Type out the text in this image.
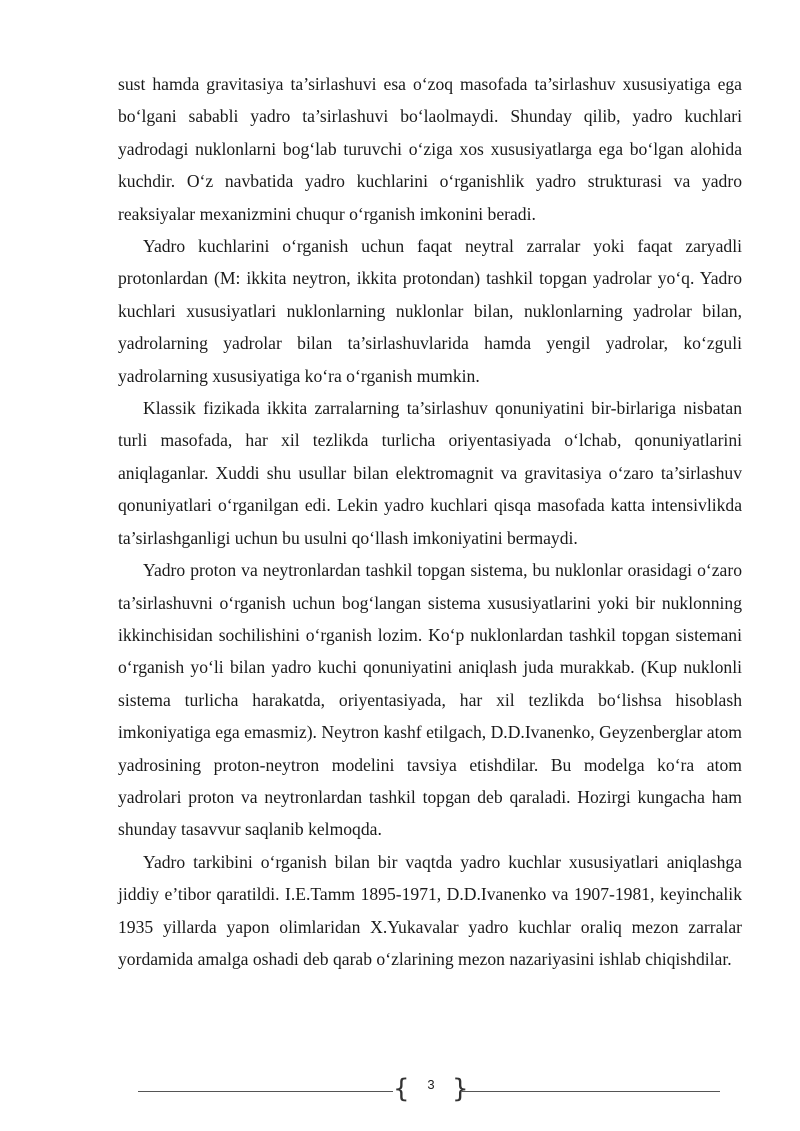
sust hamda gravitasiya ta’sirlashuvi esa o‘zoq masofada ta’sirlashuv xususiyatiga ega bo‘lgani sababli yadro ta’sirlashuvi bo‘laolmaydi. Shunday qilib, yadro kuchlari yadrodagi nuklonlarni bog‘lab turuvchi o‘ziga xos xususiyatlarga ega bo‘lgan alohida kuchdir. O‘z navbatida yadro kuchlarini o‘rganishlik yadro strukturasi va yadro reaksiyalar mexanizmini chuqur o‘rganish imkonini beradi.

Yadro kuchlarini o‘rganish uchun faqat neytral zarralar yoki faqat zaryadli protonlardan (M: ikkita neytron, ikkita protondan) tashkil topgan yadrolar yo‘q. Yadro kuchlari xususiyatlari nuklonlarning nuklonlar bilan, nuklonlarning yadrolar bilan, yadrolarning yadrolar bilan ta’sirlashuvlarida hamda yengil yadrolar, ko‘zguli yadrolarning xususiyatiga ko‘ra o‘rganish mumkin.

Klassik fizikada ikkita zarralarning ta’sirlashuv qonuniyatini bir-birlariga nisbatan turli masofada, har xil tezlikda turlicha oriyentasiyada o‘lchab, qonuniyatlarini aniqlaganlar. Xuddi shu usullar bilan elektromagnit va gravitasiya o‘zaro ta’sirlashuv qonuniyatlari o‘rganilgan edi. Lekin yadro kuchlari qisqa masofada katta intensivlikda ta’sirlashganligi uchun bu usulni qo‘llash imkoniyatini bermaydi.

Yadro proton va neytronlardan tashkil topgan sistema, bu nuklonlar orasidagi o‘zaro ta’sirlashuvni o‘rganish uchun bog‘langan sistema xususiyatlarini yoki bir nuklonning ikkinchisidan sochilishini o‘rganish lozim. Ko‘p nuklonlardan tashkil topgan sistemani o‘rganish yo‘li bilan yadro kuchi qonuniyatini aniqlash juda murakkab. (Kup nuklonli sistema turlicha harakatda, oriyentasiyada, har xil tezlikda bo‘lishsa hisoblash imkoniyatiga ega emasmiz). Neytron kashf etilgach, D.D.Ivanenko, Geyzenberglar atom yadrosining proton-neytron modelini tavsiya etishdilar. Bu modelga ko‘ra atom yadrolari proton va neytronlardan tashkil topgan deb qaraladi. Hozirgi kungacha ham shunday tasavvur saqlanib kelmoqda.

Yadro tarkibini o‘rganish bilan bir vaqtda yadro kuchlar xususiyatlari aniqlashga jiddiy e’tibor qaratildi. I.E.Tamm 1895-1971, D.D.Ivanenko va 1907-1981, keyinchalik 1935 yillarda yapon olimlaridan X.Yukavalar yadro kuchlar oraliq mezon zarralar yordamida amalga oshadi deb qarab o‘zlarining mezon nazariyasini ishlab chiqishdilar.

{	3 }
